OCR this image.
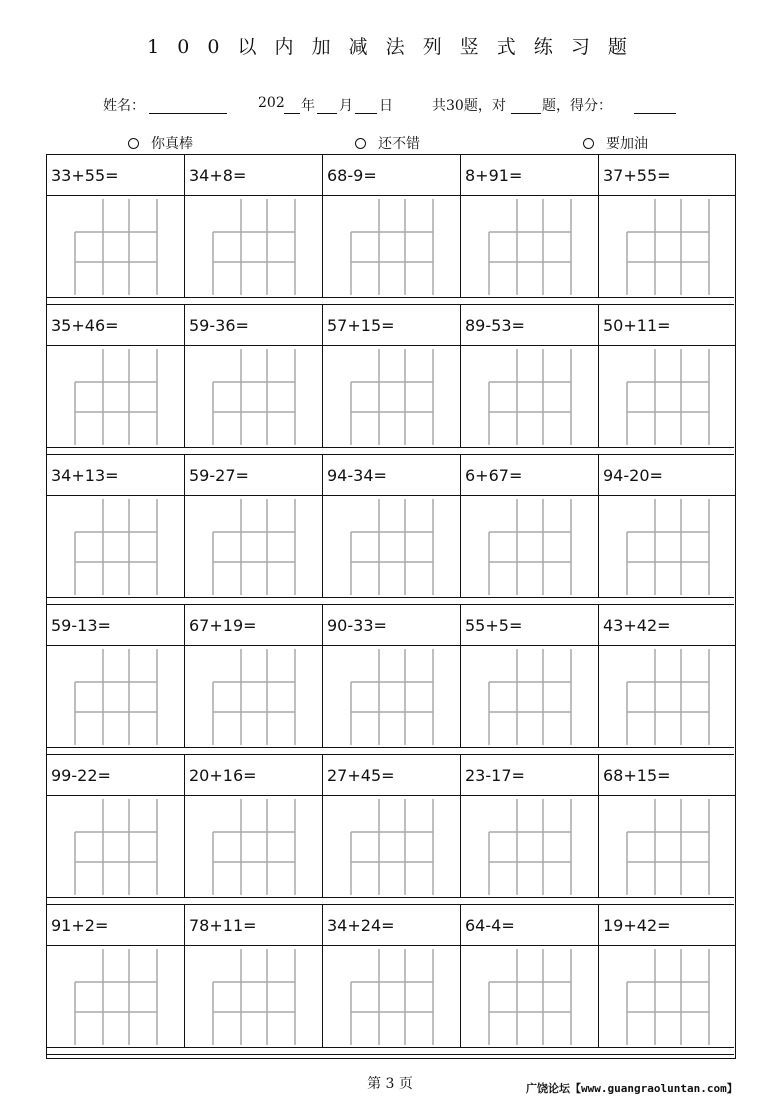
1 0 0 以 内 加 减 法 列 竖 式 练 习 题
姓名：	202 年 月 日	共30题，对	题，得分：
你真棒	还不错	要加油
33+55=	34+8=	68-9=	8+91=	37+55=
35+46=	59-36=	57+15=	89-53=	50+11=
34+13=	59-27=	94-34=	6+67=	94-20=
59-13=	67+19=	90-33=	55+5=	43+42=
99-22=	20+16=	27+45=	23-17=	68+15=
91+2=	78+11=	34+24=	64-4=	19+42=
第 3 页	广饶论坛【www.guangraoluntan.com】
